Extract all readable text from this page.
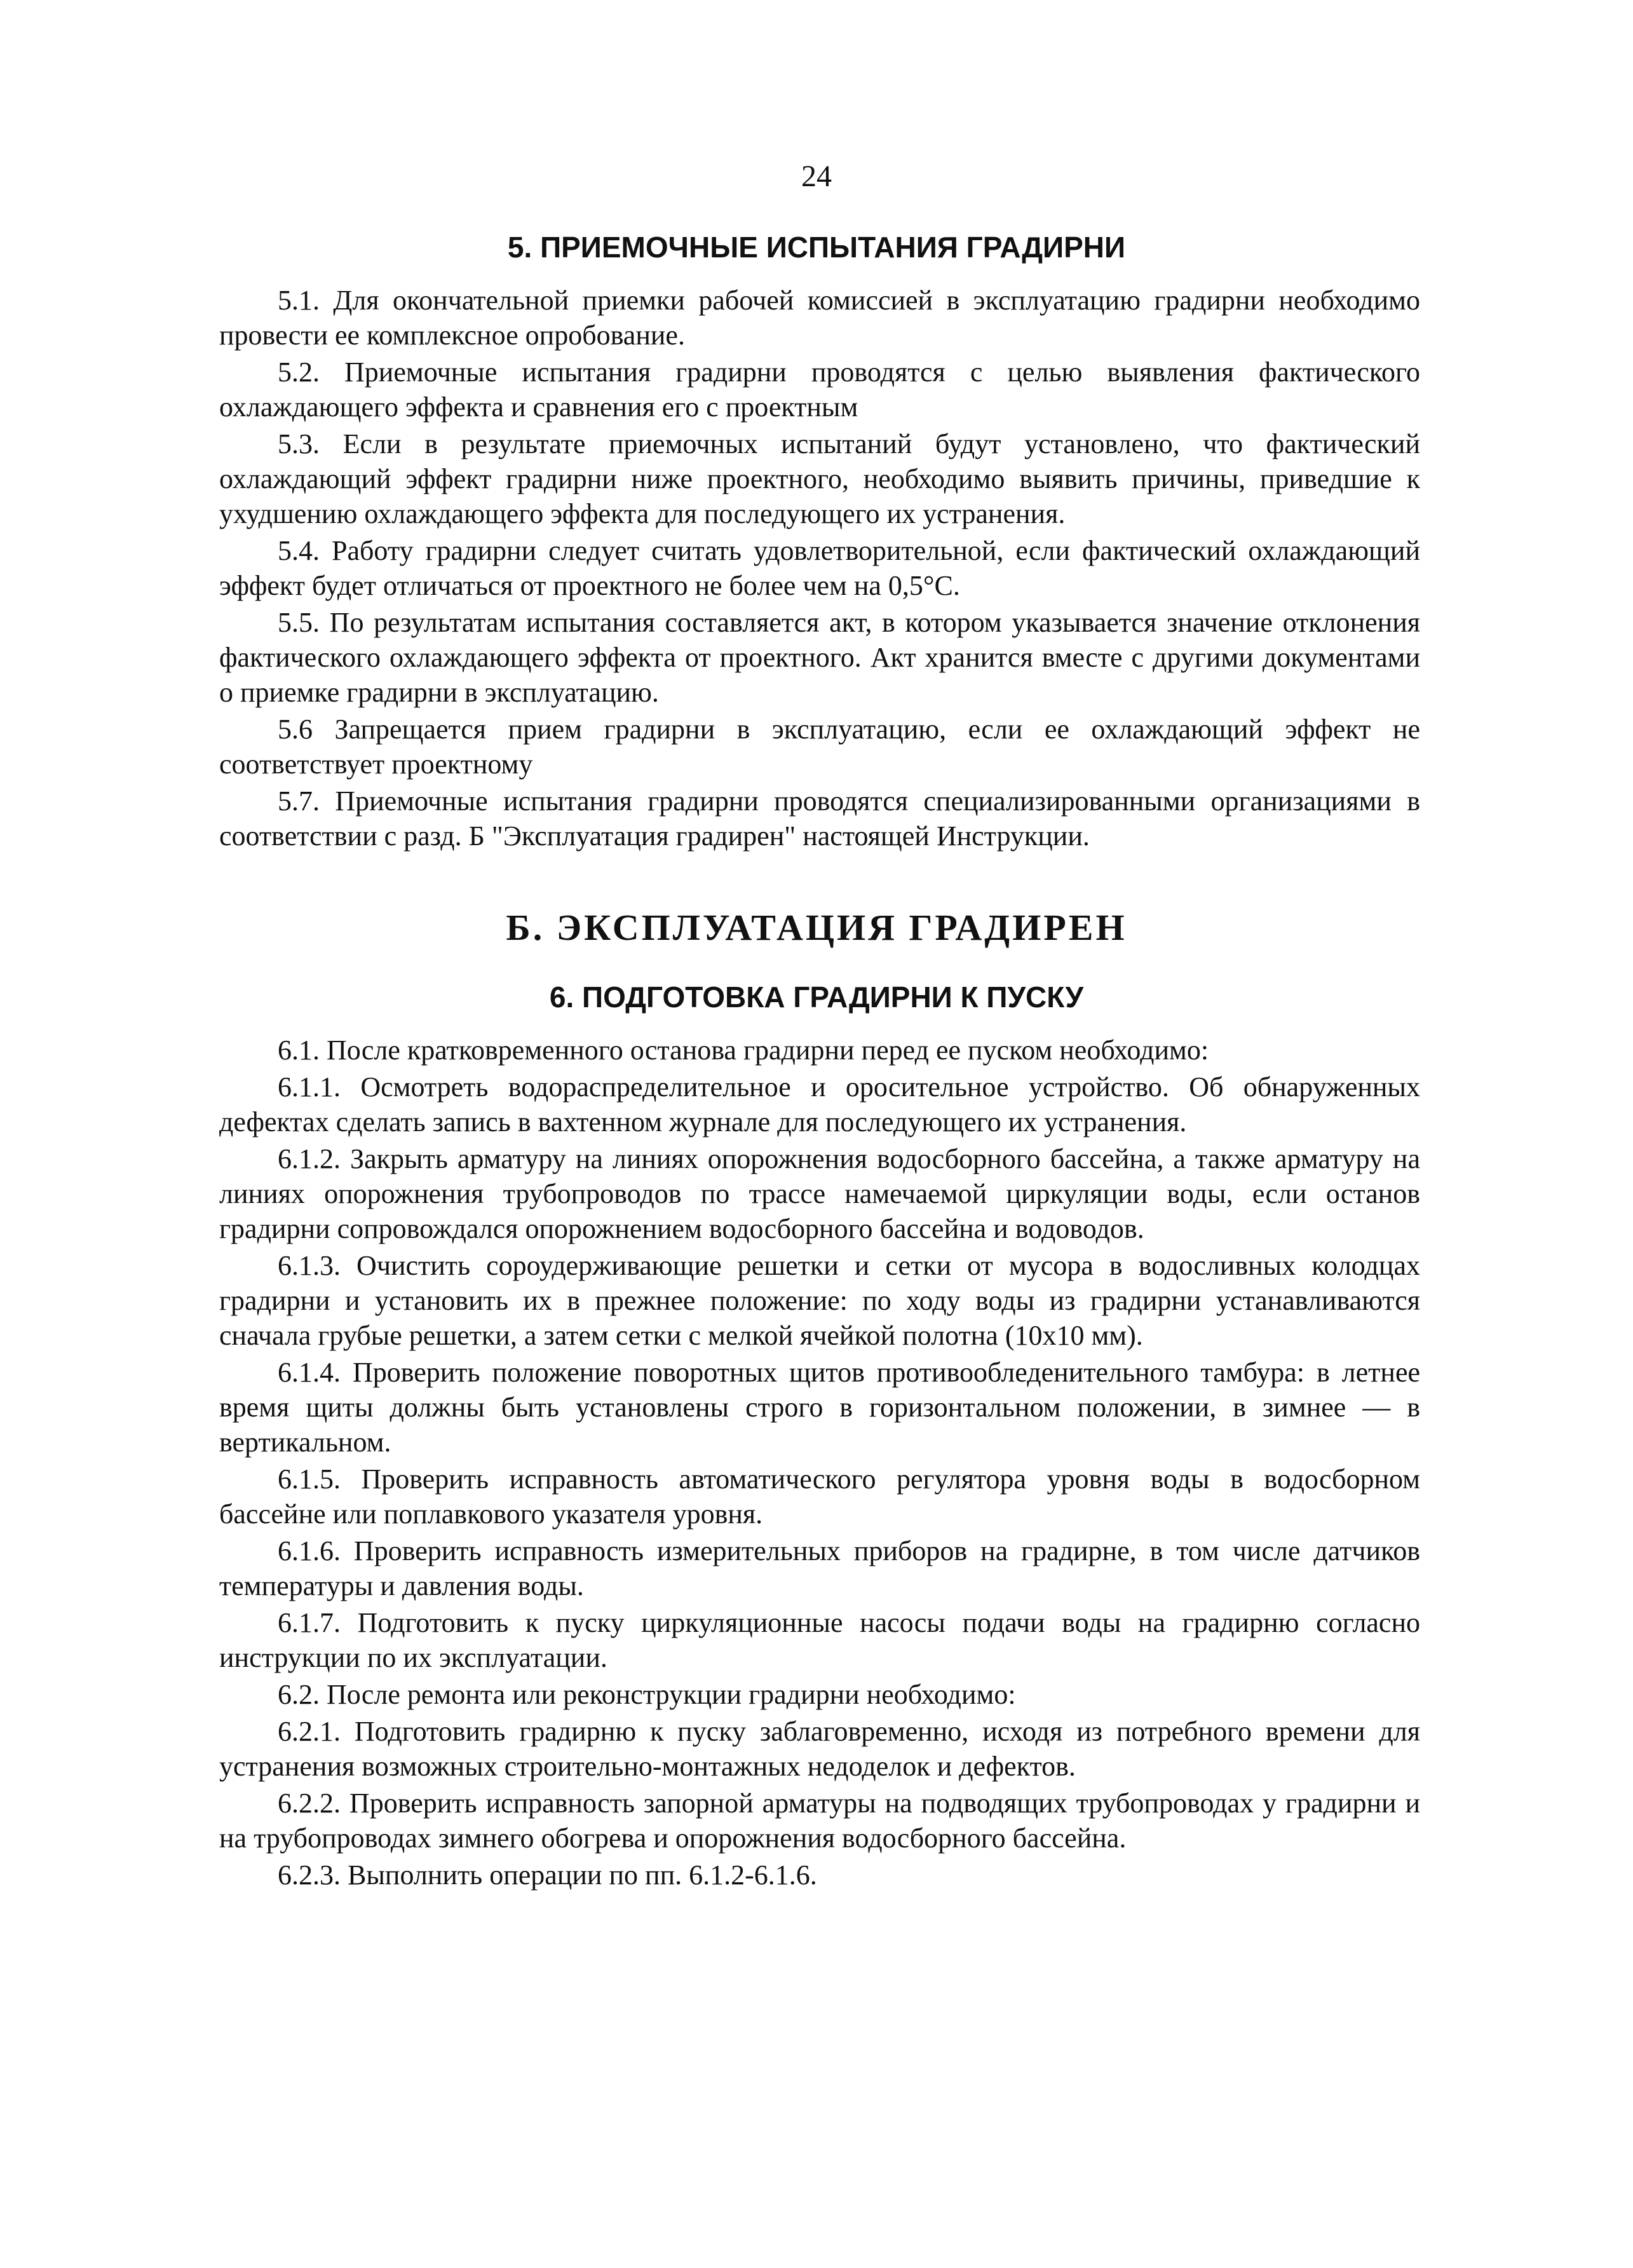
24
5. ПРИЕМОЧНЫЕ ИСПЫТАНИЯ ГРАДИРНИ

5.1. Для окончательной приемки рабочей комиссией в эксплуатацию градирни необходимо провести ее комплексное опробование.

5.2. Приемочные испытания градирни проводятся с целью выявления фактического охлаждающего эффекта и сравнения его с проектным

5.3. Если в результате приемочных испытаний будут установлено, что фактический охлаждающий эффект градирни ниже проектного, необходимо выявить причины, приведшие к ухудшению охлаждающего эффекта для последующего их устранения.

5.4. Работу градирни следует считать удовлетворительной, если фактический охлаждающий эффект будет отличаться от проектного не более чем на 0,5°С.

5.5. По результатам испытания составляется акт, в котором указывается значение отклонения фактического охлаждающего эффекта от проектного. Акт хранится вместе с другими документами о приемке градирни в эксплуатацию.

5.6 Запрещается прием градирни в эксплуатацию, если ее охлаждающий эффект не соответствует проектному

5.7. Приемочные испытания градирни проводятся специализированными организациями в соответствии с разд. Б "Эксплуатация градирен" настоящей Инструкции.

Б. ЭКСПЛУАТАЦИЯ ГРАДИРЕН
6. ПОДГОТОВКА ГРАДИРНИ К ПУСКУ

6.1. После кратковременного останова градирни перед ее пуском необходимо:

6.1.1. Осмотреть водораспределительное и оросительное устройство. Об обнаруженных дефектах сделать запись в вахтенном журнале для последующего их устранения.

6.1.2. Закрыть арматуру на линиях опорожнения водосборного бассейна, а также арматуру на линиях опорожнения трубопроводов по трассе намечаемой циркуляции воды, если останов градирни сопровождался опорожнением водосборного бассейна и водоводов.

6.1.3. Очистить сороудерживающие решетки и сетки от мусора в водосливных колодцах градирни и установить их в прежнее положение: по ходу воды из градирни устанавливаются сначала грубые решетки, а затем сетки с мелкой ячейкой полотна (10х10 мм).

6.1.4. Проверить положение поворотных щитов противообледенительного тамбура: в летнее время щиты должны быть установлены строго в горизонтальном положении, в зимнее — в вертикальном.

6.1.5. Проверить исправность автоматического регулятора уровня воды в водосборном бассейне или поплавкового указателя уровня.

6.1.6. Проверить исправность измерительных приборов на градирне, в том числе датчиков температуры и давления воды.

6.1.7. Подготовить к пуску циркуляционные насосы подачи воды на градирню согласно инструкции по их эксплуатации.

6.2. После ремонта или реконструкции градирни необходимо:

6.2.1. Подготовить градирню к пуску заблаговременно, исходя из потребного времени для устранения возможных строительно-монтажных недоделок и дефектов.

6.2.2. Проверить исправность запорной арматуры на подводящих трубопроводах у градирни и на трубопроводах зимнего обогрева и опорожнения водосборного бассейна.

6.2.3. Выполнить операции по пп. 6.1.2-6.1.6.
